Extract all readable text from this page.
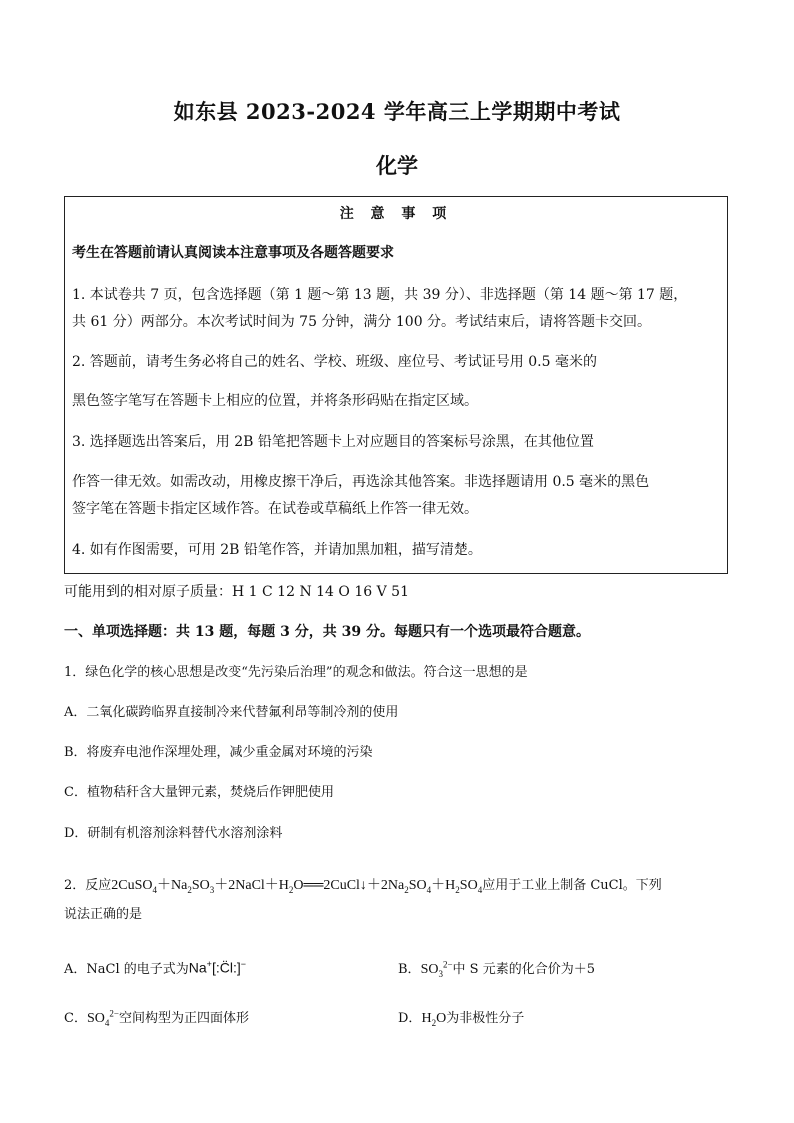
如东县 2023-2024 学年高三上学期期中考试
化学
注 意 事 项
考生在答题前请认真阅读本注意事项及各题答题要求
1. 本试卷共 7 页，包含选择题（第 1 题～第 13 题，共 39 分）、非选择题（第 14 题～第 17 题，
共 61 分）两部分。本次考试时间为 75 分钟，满分 100 分。考试结束后，请将答题卡交回。
2. 答题前，请考生务必将自己的姓名、学校、班级、座位号、考试证号用 0.5 毫米的
黑色签字笔写在答题卡上相应的位置，并将条形码贴在指定区域。
3. 选择题选出答案后，用 2B 铅笔把答题卡上对应题目的答案标号涂黑，在其他位置
作答一律无效。如需改动，用橡皮擦干净后，再选涂其他答案。非选择题请用 0.5 毫米的黑色
签字笔在答题卡指定区域作答。在试卷或草稿纸上作答一律无效。
4. 如有作图需要，可用 2B 铅笔作答，并请加黑加粗，描写清楚。
可能用到的相对原子质量：H 1 C 12 N 14 O 16 V 51
一、单项选择题：共 13 题，每题 3 分，共 39 分。每题只有一个选项最符合题意。
1．绿色化学的核心思想是改变“先污染后治理”的观念和做法。符合这一思想的是
A．二氧化碳跨临界直接制冷来代替氟利昂等制冷剂的使用
B．将废弃电池作深埋处理，减少重金属对环境的污染
C．植物秸秆含大量钾元素，焚烧后作钾肥使用
D．研制有机溶剂涂料替代水溶剂涂料
2．反应$2CuSO_4+Na_2SO_3+2NaCl+H_2O══2CuCl↓+2Na_2SO_4+H_2SO_4$应用于工业上制备 CuCl。下列
说法正确的是
A．NaCl 的电子式为Na+[:C̈l:]−	B．$SO_3^{2-}$中 S 元素的化合价为＋5
C．$SO_4^{2-}$空间构型为正四面体形	D．$H_2O$为非极性分子
